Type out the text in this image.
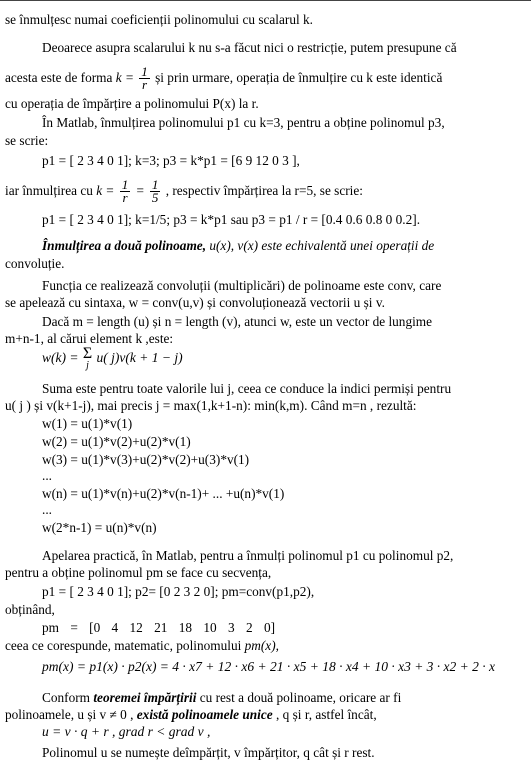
se înmulțesc numai coeficienții polinomului cu scalarul k.
Deoarece asupra scalarului k nu s-a făcut nici o restricție, putem presupune că
acesta este de forma $k = \frac{1}{r}$ și prin urmare, operația de înmulțire cu k este identică
cu operația de împărțire a polinomului P(x) la r.
În Matlab, înmulțirea polinomului p1 cu k=3, pentru a obține polinomul p3,
se scrie:
p1 = [ 2 3 4 0 1]; k=3; p3 = k*p1 = [6 9 12 0 3 ],
iar înmulțirea cu $k = \frac{1}{r} = \frac{1}{5}$ , respectiv împărțirea la r=5, se scrie:
p1 = [ 2 3 4 0 1]; k=1/5; p3 = k*p1 sau p3 = p1 / r = [0.4 0.6 0.8 0 0.2].
Înmulțirea a două polinoame, u(x), v(x) este echivalentă unei operații de
convoluție.
Funcția ce realizează convoluții (multiplicări) de polinoame este conv, care
se apelează cu sintaxa, w = conv(u,v) și convoluționează vectorii u și v.
Dacă m = length (u) și n = length (v), atunci w, este un vector de lungime
m+n-1, al cărui element k ,este:
w(k) = Σ
j
u( j)v(k + 1 − j)
Suma este pentru toate valorile lui j, ceea ce conduce la indici permiși pentru
u( j ) și v(k+1-j), mai precis j = max(1,k+1-n): min(k,m). Când m=n , rezultă:
w(1) = u(1)*v(1)
w(2) = u(1)*v(2)+u(2)*v(1)
w(3) = u(1)*v(3)+u(2)*v(2)+u(3)*v(1)
...
w(n) = u(1)*v(n)+u(2)*v(n-1)+ ... +u(n)*v(1)
...
w(2*n-1) = u(n)*v(n)
Apelarea practică, în Matlab, pentru a înmulți polinomul p1 cu polinomul p2,
pentru a obține polinomul pm se face cu secvența,
p1 = [ 2 3 4 0 1]; p2= [0 2 3 2 0]; pm=conv(p1,p2),
obținând,
pm = [0 4 12 21 18 10 3 2 0]
ceea ce corespunde, matematic, polinomului pm(x),
pm(x) = p1(x) · p2(x) = 4 · x7 + 12 · x6 + 21 · x5 + 18 · x4 + 10 · x3 + 3 · x2 + 2 · x
Conform teoremei împărțirii cu rest a două polinoame, oricare ar fi
polinoamele, u și v ≠ 0 , există polinoamele unice , q și r, astfel încât,
u = v · q + r , grad r < grad v ,
Polinomul u se numește deîmpărțit, v împărțitor, q cât și r rest.
